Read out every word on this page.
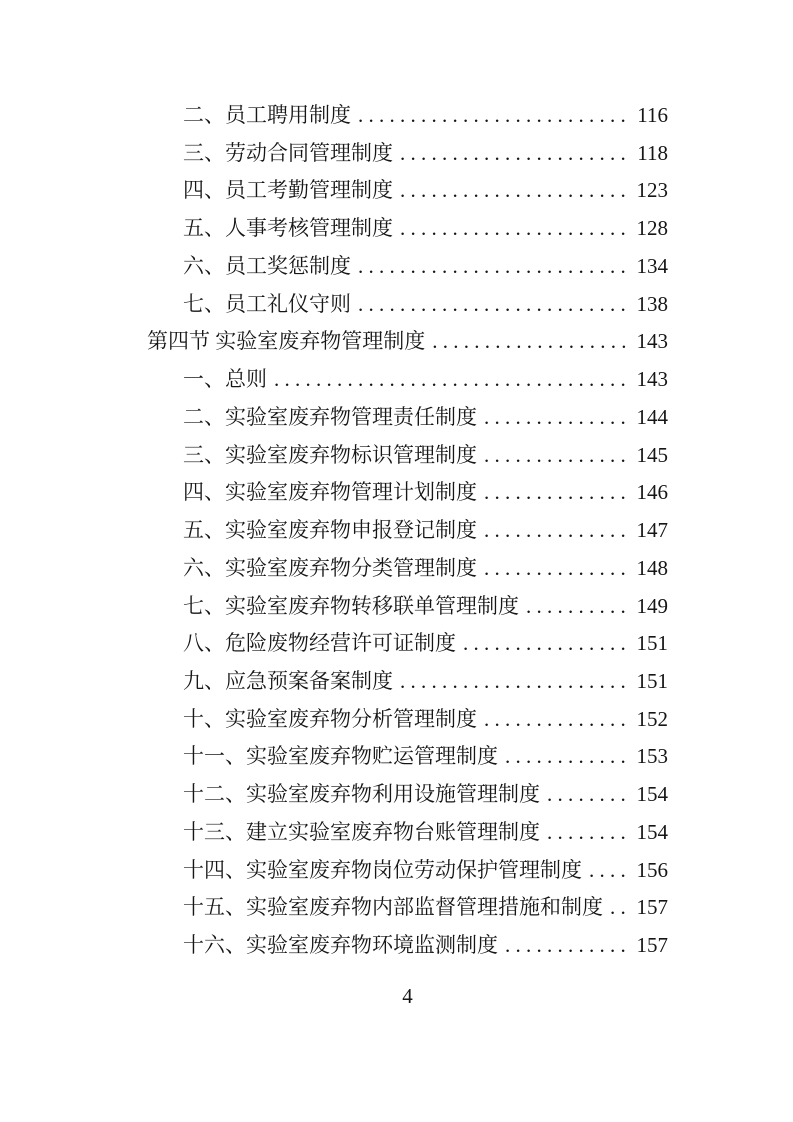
二、员工聘用制度 . . .	116
三、劳动合同管理制度 . . .	118
四、员工考勤管理制度 . . .	123
五、人事考核管理制度 . . .	128
六、员工奖惩制度 . . .	134
七、员工礼仪守则 . . .	138
第四节 实验室废弃物管理制度 . . .	143
一、总则 . . .	143
二、实验室废弃物管理责任制度 . . .	144
三、实验室废弃物标识管理制度 . . .	145
四、实验室废弃物管理计划制度 . . .	146
五、实验室废弃物申报登记制度 . . .	147
六、实验室废弃物分类管理制度 . . .	148
七、实验室废弃物转移联单管理制度 . . .	149
八、危险废物经营许可证制度 . . .	151
九、应急预案备案制度 . . .	151
十、实验室废弃物分析管理制度 . . .	152
十一、实验室废弃物贮运管理制度 . . .	153
十二、实验室废弃物利用设施管理制度 . . .	154
十三、建立实验室废弃物台账管理制度 . . .	154
十四、实验室废弃物岗位劳动保护管理制度 . . .	156
十五、实验室废弃物内部监督管理措施和制度 . . . 157
十六、实验室废弃物环境监测制度 . . .	157
4
